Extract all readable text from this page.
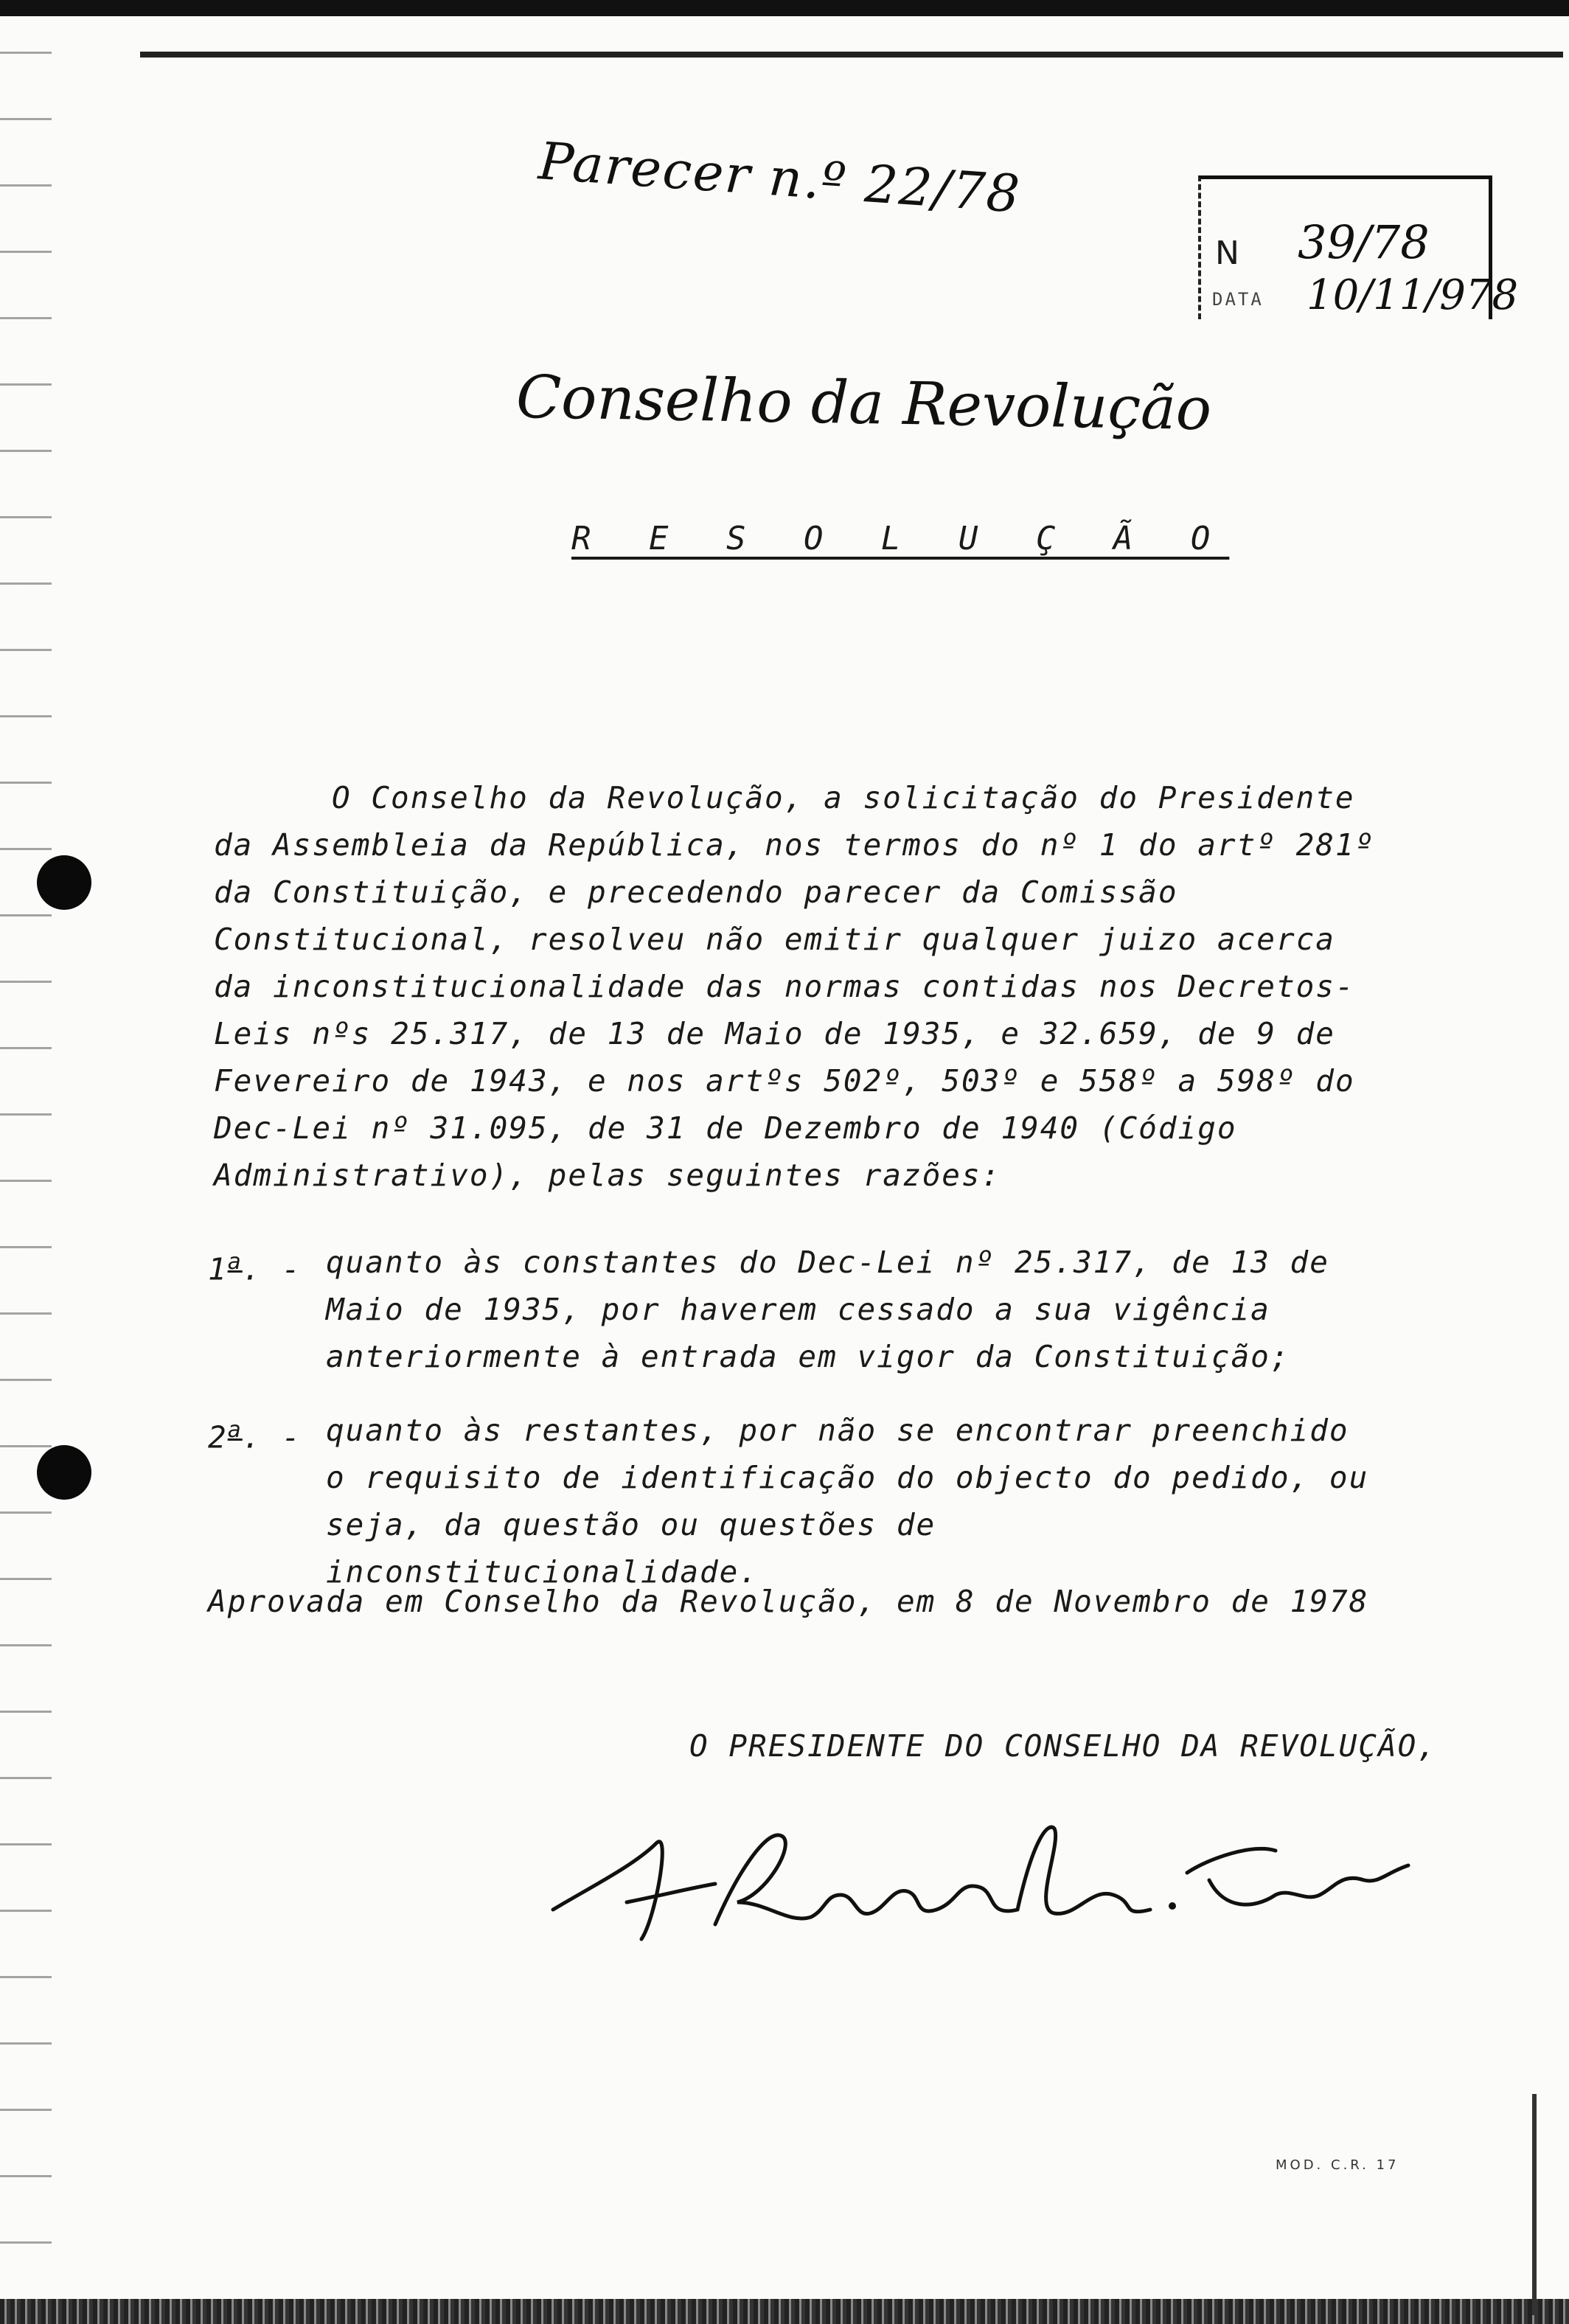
Parecer n.º 22/78
N 39/78
DATA 10/11/978
Conselho da Revolução
R E S O L U Ç Ã O
O Conselho da Revolução, a solicitação do Presidente da Assembleia da República, nos termos do nº 1 do artº 281º da Constituição, e precedendo parecer da Comissão Constitucional, resolveu não emitir qualquer juizo acerca da inconstitucionalidade das normas contidas nos Decretos-Leis nºs 25.317, de 13 de Maio de 1935, e 32.659, de 9 de Fevereiro de 1943, e nos artºs 502º, 503º e 558º a 598º do Dec-Lei nº 31.095, de 31 de Dezembro de 1940 (Código Administrativo), pelas seguintes razões:
1$^a$. - quanto às constantes do Dec-Lei nº 25.317, de 13 de Maio de 1935, por haverem cessado a sua vigência anteriormente à entrada em vigor da Constituição;
2$^a$. - quanto às restantes, por não se encontrar preenchido o requisito de identificação do objecto do pedido, ou seja, da questão ou questões de inconstitucionalidade.
Aprovada em Conselho da Revolução, em 8 de Novembro de 1978
O PRESIDENTE DO CONSELHO DA REVOLUÇÃO,
MOD. C.R. 17
